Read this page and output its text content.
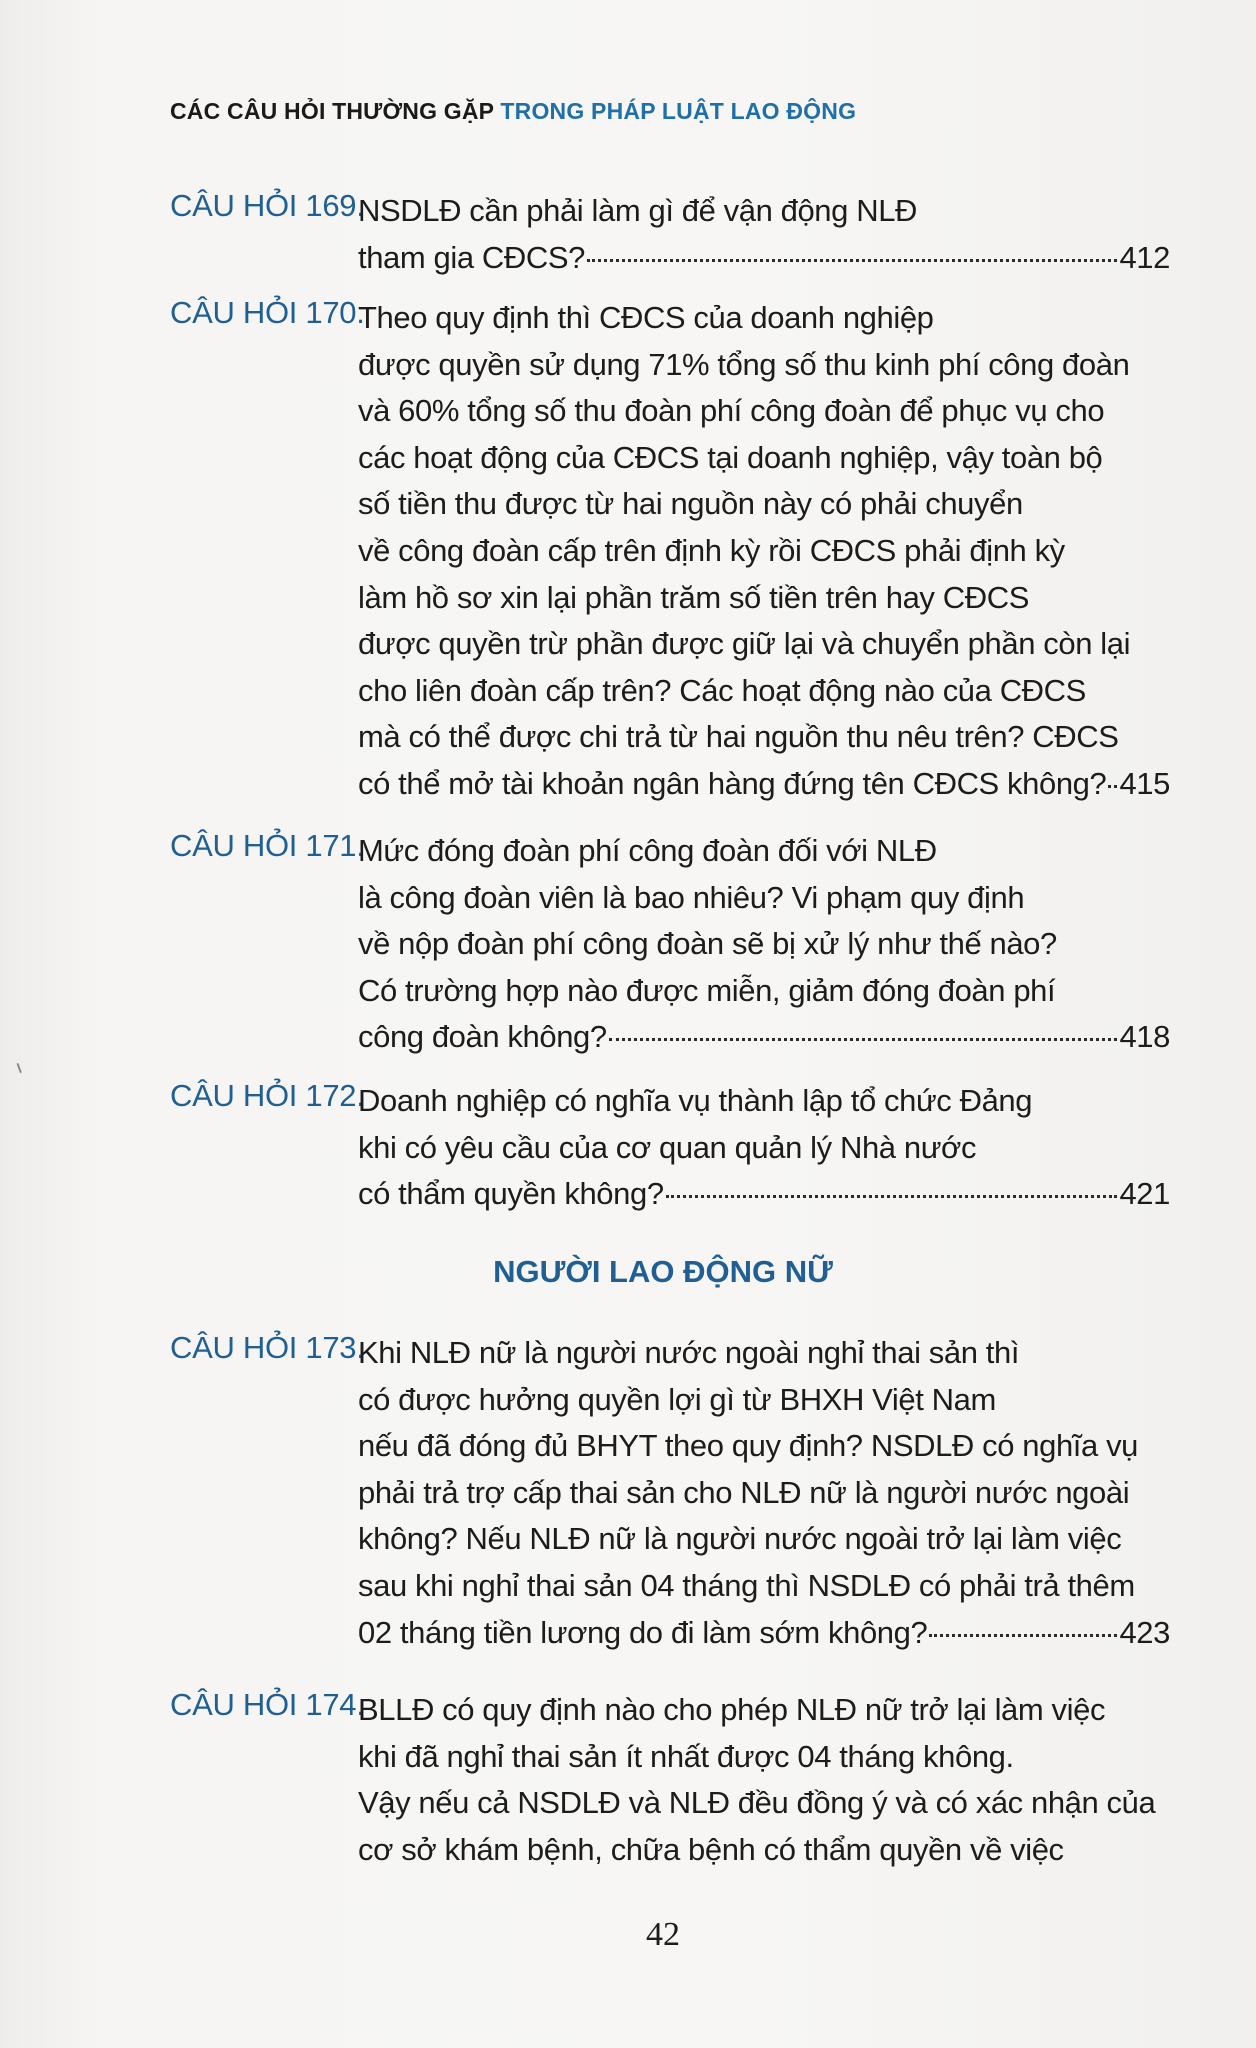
CÁC CÂU HỎI THƯỜNG GẶP TRONG PHÁP LUẬT LAO ĐỘNG
CÂU HỎI 169.
NSDLĐ cần phải làm gì để vận động NLĐ
tham gia CĐCS?	412
CÂU HỎI 170.
Theo quy định thì CĐCS của doanh nghiệp
được quyền sử dụng 71% tổng số thu kinh phí công đoàn
và 60% tổng số thu đoàn phí công đoàn để phục vụ cho
các hoạt động của CĐCS tại doanh nghiệp, vậy toàn bộ
số tiền thu được từ hai nguồn này có phải chuyển
về công đoàn cấp trên định kỳ rồi CĐCS phải định kỳ
làm hồ sơ xin lại phần trăm số tiền trên hay CĐCS
được quyền trừ phần được giữ lại và chuyển phần còn lại
cho liên đoàn cấp trên? Các hoạt động nào của CĐCS
mà có thể được chi trả từ hai nguồn thu nêu trên? CĐCS
có thể mở tài khoản ngân hàng đứng tên CĐCS không? 415
CÂU HỎI 171.
Mức đóng đoàn phí công đoàn đối với NLĐ
là công đoàn viên là bao nhiêu? Vi phạm quy định
về nộp đoàn phí công đoàn sẽ bị xử lý như thế nào?
Có trường hợp nào được miễn, giảm đóng đoàn phí
công đoàn không?	418
CÂU HỎI 172.
Doanh nghiệp có nghĩa vụ thành lập tổ chức Đảng
khi có yêu cầu của cơ quan quản lý Nhà nước
có thẩm quyền không?	421
CÂU HỎI 173.
Khi NLĐ nữ là người nước ngoài nghỉ thai sản thì
có được hưởng quyền lợi gì từ BHXH Việt Nam
nếu đã đóng đủ BHYT theo quy định? NSDLĐ có nghĩa vụ
phải trả trợ cấp thai sản cho NLĐ nữ là người nước ngoài
không? Nếu NLĐ nữ là người nước ngoài trở lại làm việc
sau khi nghỉ thai sản 04 tháng thì NSDLĐ có phải trả thêm
02 tháng tiền lương do đi làm sớm không?	423
CÂU HỎI 174.
BLLĐ có quy định nào cho phép NLĐ nữ trở lại làm việc
khi đã nghỉ thai sản ít nhất được 04 tháng không.
Vậy nếu cả NSDLĐ và NLĐ đều đồng ý và có xác nhận của
cơ sở khám bệnh, chữa bệnh có thẩm quyền về việc
NGƯỜI LAO ĐỘNG NỮ
42
